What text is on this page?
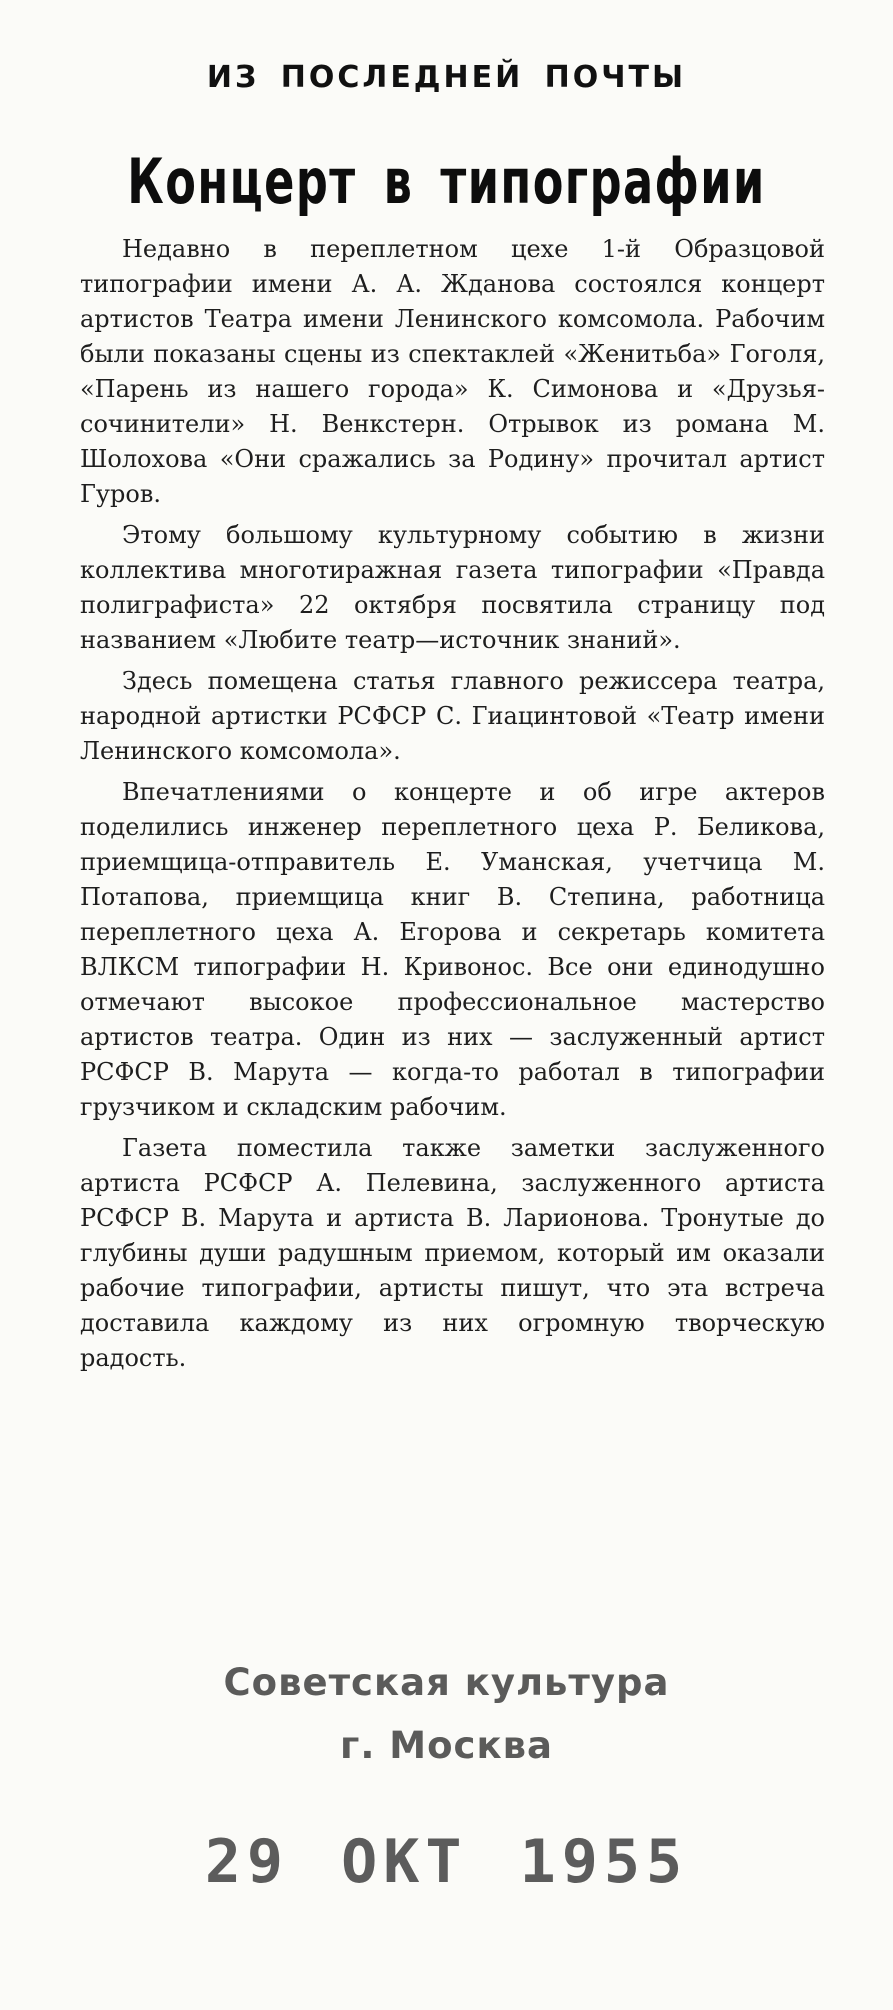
ИЗ ПОСЛЕДНЕЙ ПОЧТЫ
Концерт в типографии

Недавно в переплетном цехе 1-й Образцовой типографии имени А. А. Жданова состоялся концерт артистов Театра имени Ленинского комсомола. Рабочим были показаны сцены из спектаклей «Женитьба» Гоголя, «Парень из нашего города» К. Симонова и «Друзья-сочинители» Н. Венкстерн. Отрывок из романа М. Шолохова «Они сражались за Родину» прочитал артист Гуров.

Этому большому культурному событию в жизни коллектива многотиражная газета типографии «Правда полиграфиста» 22 октября посвятила страницу под названием «Любите театр—источник знаний».

Здесь помещена статья главного режиссера театра, народной артистки РСФСР С. Гиацинтовой «Театр имени Ленинского комсомола».

Впечатлениями о концерте и об игре актеров поделились инженер переплетного цеха Р. Беликова, приемщица-отправитель Е. Уманская, учетчица М. Потапова, приемщица книг В. Степина, работница переплетного цеха А. Егорова и секретарь комитета ВЛКСМ типографии Н. Кривонос. Все они единодушно отмечают высокое профессиональное мастерство артистов театра. Один из них — заслуженный артист РСФСР В. Марута — когда-то работал в типографии грузчиком и складским рабочим.

Газета поместила также заметки заслуженного артиста РСФСР А. Пелевина, заслуженного артиста РСФСР В. Марута и артиста В. Ларионова. Тронутые до глубины души радушным приемом, который им оказали рабочие типографии, артисты пишут, что эта встреча доставила каждому из них огромную творческую радость.

Советская культура
г. Москва
29 ОКТ 1955
